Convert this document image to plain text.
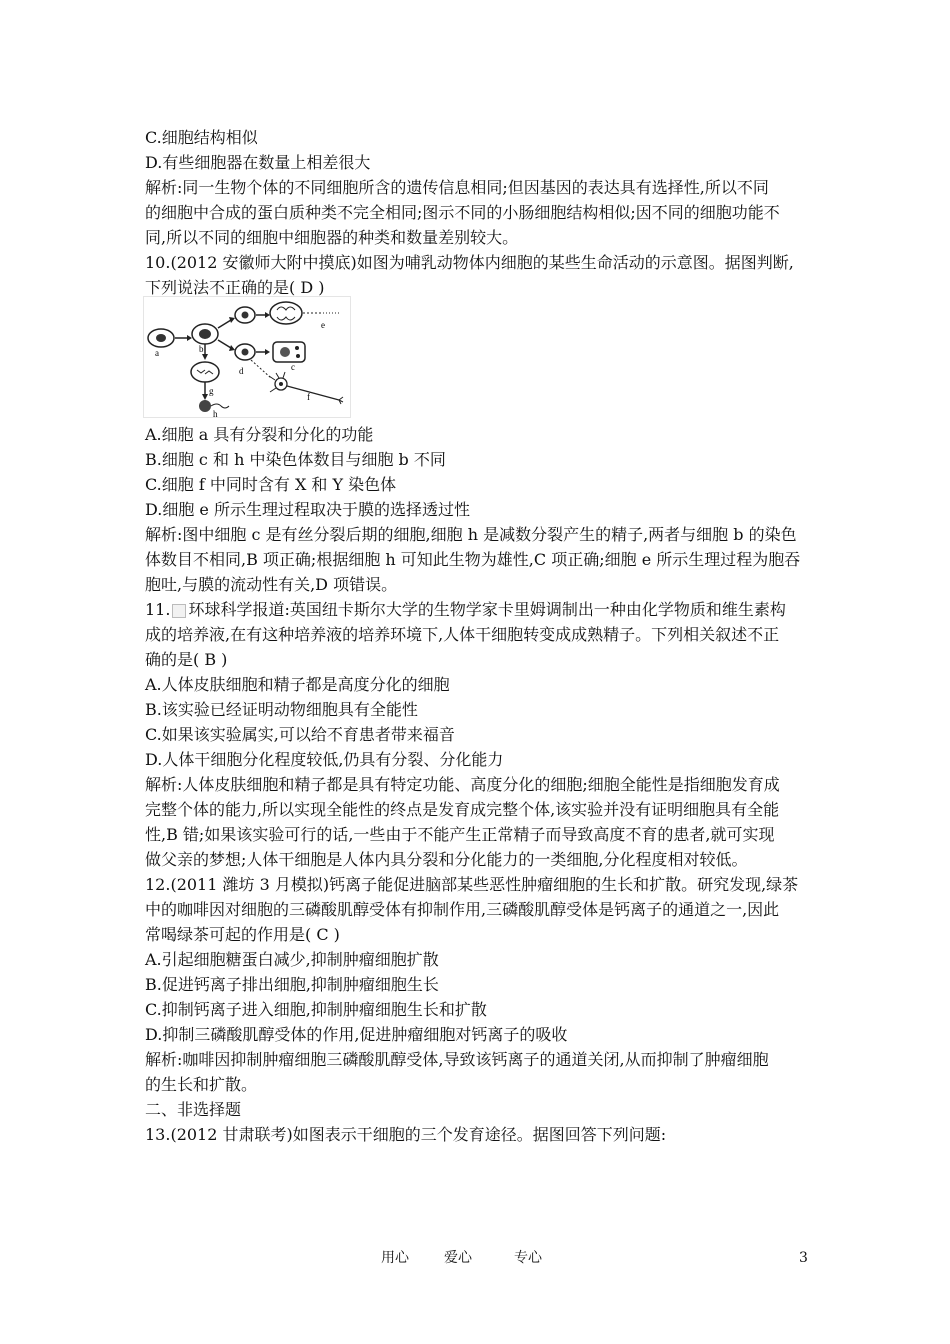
C.细胞结构相似
D.有些细胞器在数量上相差很大
解析:同一生物个体的不同细胞所含的遗传信息相同;但因基因的表达具有选择性,所以不同
的细胞中合成的蛋白质种类不完全相同;图示不同的小肠细胞结构相似;因不同的细胞功能不
同,所以不同的细胞中细胞器的种类和数量差别较大。
10.(2012 安徽师大附中摸底)如图为哺乳动物体内细胞的某些生命活动的示意图。据图判断,
下列说法不正确的是( D )
a	b
e
d	c
f
g
h
A.细胞 a 具有分裂和分化的功能
B.细胞 c 和 h 中染色体数目与细胞 b 不同
C.细胞 f 中同时含有 X 和 Y 染色体
D.细胞 e 所示生理过程取决于膜的选择透过性
解析:图中细胞 c 是有丝分裂后期的细胞,细胞 h 是减数分裂产生的精子,两者与细胞 b 的染色
体数目不相同,B 项正确;根据细胞 h 可知此生物为雄性,C 项正确;细胞 e 所示生理过程为胞吞
胞吐,与膜的流动性有关,D 项错误。
11. 环球科学报道:英国纽卡斯尔大学的生物学家卡里姆调制出一种由化学物质和维生素构
成的培养液,在有这种培养液的培养环境下,人体干细胞转变成成熟精子。下列相关叙述不正
确的是( B )
A.人体皮肤细胞和精子都是高度分化的细胞
B.该实验已经证明动物细胞具有全能性
C.如果该实验属实,可以给不育患者带来福音
D.人体干细胞分化程度较低,仍具有分裂、分化能力
解析:人体皮肤细胞和精子都是具有特定功能、高度分化的细胞;细胞全能性是指细胞发育成
完整个体的能力,所以实现全能性的终点是发育成完整个体,该实验并没有证明细胞具有全能
性,B 错;如果该实验可行的话,一些由于不能产生正常精子而导致高度不育的患者,就可实现
做父亲的梦想;人体干细胞是人体内具分裂和分化能力的一类细胞,分化程度相对较低。
12.(2011 潍坊 3 月模拟)钙离子能促进脑部某些恶性肿瘤细胞的生长和扩散。研究发现,绿茶
中的咖啡因对细胞的三磷酸肌醇受体有抑制作用,三磷酸肌醇受体是钙离子的通道之一,因此
常喝绿茶可起的作用是( C )
A.引起细胞糖蛋白减少,抑制肿瘤细胞扩散
B.促进钙离子排出细胞,抑制肿瘤细胞生长
C.抑制钙离子进入细胞,抑制肿瘤细胞生长和扩散
D.抑制三磷酸肌醇受体的作用,促进肿瘤细胞对钙离子的吸收
解析:咖啡因抑制肿瘤细胞三磷酸肌醇受体,导致该钙离子的通道关闭,从而抑制了肿瘤细胞
的生长和扩散。
二、非选择题
13.(2012 甘肃联考)如图表示干细胞的三个发育途径。据图回答下列问题:
用心	爱心	专心	3
